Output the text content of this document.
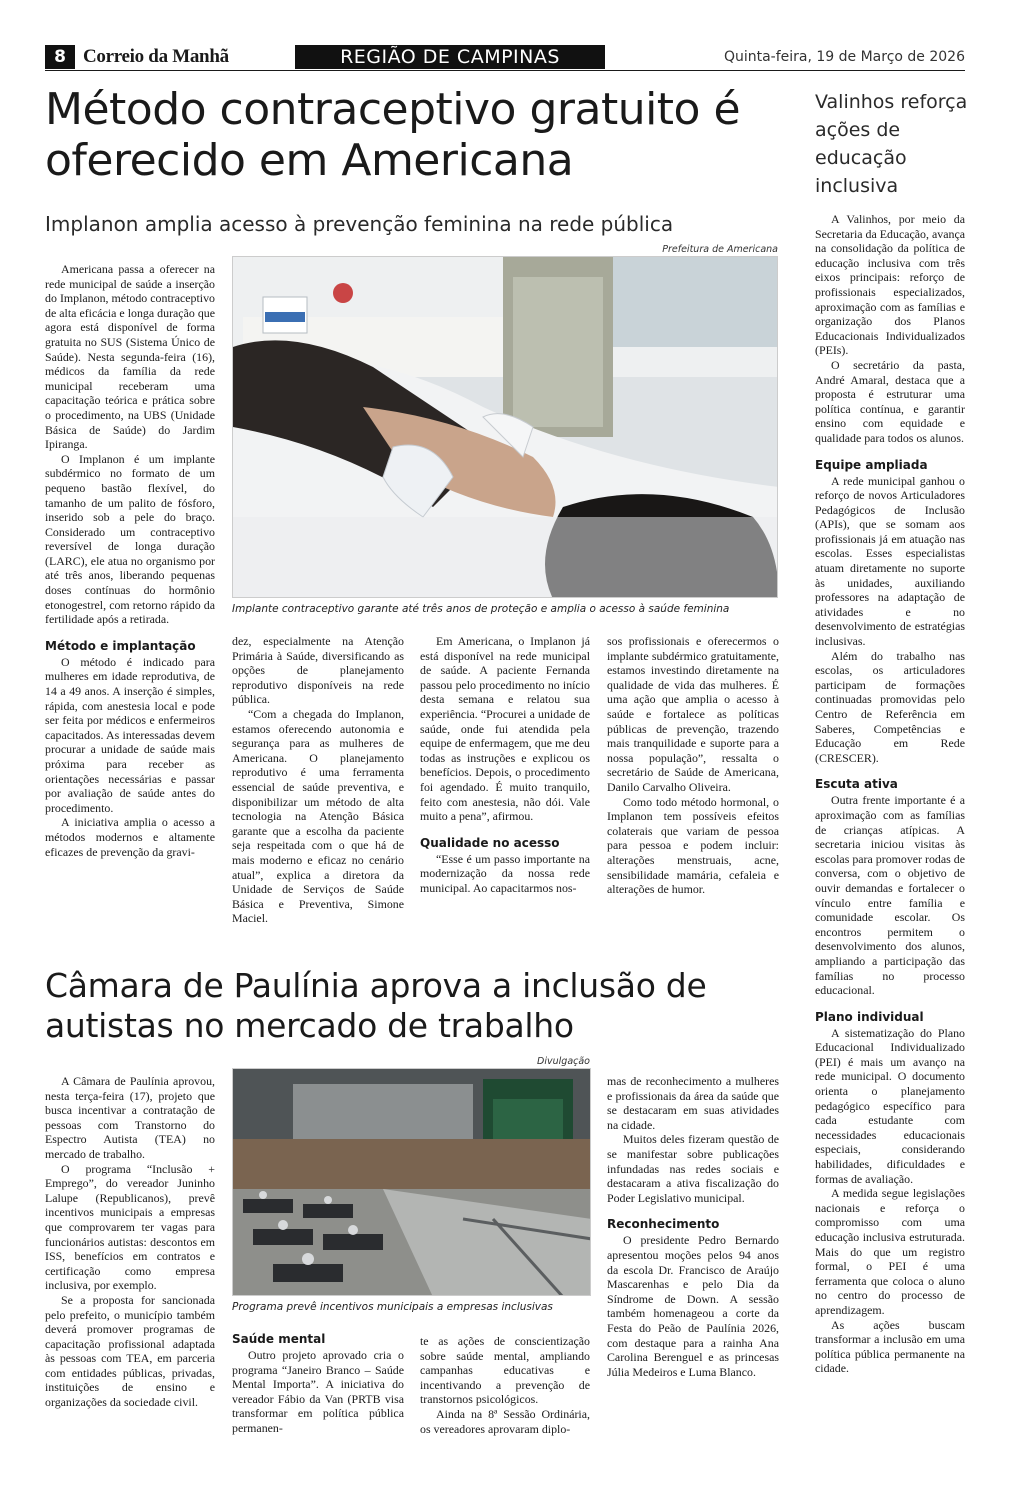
8 Correio da Manhã	REGIÃO DE CAMPINAS	Quinta-feira, 19 de Março de 2026
Método contraceptivo gratuito é oferecido em Americana
Implanon amplia acesso à prevenção feminina na rede pública
Prefeitura de Americana
Implante contraceptivo garante até três anos de proteção e amplia o acesso à saúde feminina

Americana passa a oferecer na rede municipal de saúde a inserção do Implanon, método contraceptivo de alta eficácia e longa duração que agora está disponível de forma gratuita no SUS (Sistema Único de Saúde). Nesta segunda-feira (16), médicos da família da rede municipal receberam uma capacitação teórica e prática sobre o procedimento, na UBS (Unidade Básica de Saúde) do Jardim Ipiranga.

O Implanon é um implante subdérmico no formato de um pequeno bastão flexível, do tamanho de um palito de fósforo, inserido sob a pele do braço. Considerado um contraceptivo reversível de longa duração (LARC), ele atua no organismo por até três anos, liberando pequenas doses contínuas do hormônio etonogestrel, com retorno rápido da fertilidade após a retirada.

Método e implantação

O método é indicado para mulheres em idade reprodutiva, de 14 a 49 anos. A inserção é simples, rápida, com anestesia local e pode ser feita por médicos e enfermeiros capacitados. As interessadas devem procurar a unidade de saúde mais próxima para receber as orientações necessárias e passar por avaliação de saúde antes do procedimento.

A iniciativa amplia o acesso a métodos modernos e altamente eficazes de prevenção da gravi-

dez, especialmente na Atenção Primária à Saúde, diversificando as opções de planejamento reprodutivo disponíveis na rede pública.

“Com a chegada do Implanon, estamos oferecendo autonomia e segurança para as mulheres de Americana. O planejamento reprodutivo é uma ferramenta essencial de saúde preventiva, e disponibilizar um método de alta tecnologia na Atenção Básica garante que a escolha da paciente seja respeitada com o que há de mais moderno e eficaz no cenário atual”, explica a diretora da Unidade de Serviços de Saúde Básica e Preventiva, Simone Maciel.

Em Americana, o Implanon já está disponível na rede municipal de saúde. A paciente Fernanda passou pelo procedimento no início desta semana e relatou sua experiência. “Procurei a unidade de saúde, onde fui atendida pela equipe de enfermagem, que me deu todas as instruções e explicou os benefícios. Depois, o procedimento foi agendado. É muito tranquilo, feito com anestesia, não dói. Vale muito a pena”, afirmou.

Qualidade no acesso

“Esse é um passo importante na modernização da nossa rede municipal. Ao capacitarmos nos-

sos profissionais e oferecermos o implante subdérmico gratuitamente, estamos investindo diretamente na qualidade de vida das mulheres. É uma ação que amplia o acesso à saúde e fortalece as políticas públicas de prevenção, trazendo mais tranquilidade e suporte para a nossa população”, ressalta o secretário de Saúde de Americana, Danilo Carvalho Oliveira.

Como todo método hormonal, o Implanon tem possíveis efeitos colaterais que variam de pessoa para pessoa e podem incluir: alterações menstruais, acne, sensibilidade mamária, cefaleia e alterações de humor.

Câmara de Paulínia aprova a inclusão de autistas no mercado de trabalho
Divulgação
Programa prevê incentivos municipais a empresas inclusivas

A Câmara de Paulínia aprovou, nesta terça-feira (17), projeto que busca incentivar a contratação de pessoas com Transtorno do Espectro Autista (TEA) no mercado de trabalho.

O programa “Inclusão + Emprego”, do vereador Juninho Lalupe (Republicanos), prevê incentivos municipais a empresas que comprovarem ter vagas para funcionários autistas: descontos em ISS, benefícios em contratos e certificação como empresa inclusiva, por exemplo.

Se a proposta for sancionada pelo prefeito, o município também deverá promover programas de capacitação profissional adaptada às pessoas com TEA, em parceria com entidades públicas, privadas, instituições de ensino e organizações da sociedade civil.

Saúde mental

Outro projeto aprovado cria o programa “Janeiro Branco – Saúde Mental Importa”. A iniciativa do vereador Fábio da Van (PRTB visa transformar em política pública permanen-

te as ações de conscientização sobre saúde mental, ampliando campanhas educativas e incentivando a prevenção de transtornos psicológicos.

Ainda na 8ª Sessão Ordinária, os vereadores aprovaram diplo-

mas de reconhecimento a mulheres e profissionais da área da saúde que se destacaram em suas atividades na cidade.

Muitos deles fizeram questão de se manifestar sobre publicações infundadas nas redes sociais e destacaram a ativa fiscalização do Poder Legislativo municipal.

Reconhecimento

O presidente Pedro Bernardo apresentou moções pelos 94 anos da escola Dr. Francisco de Araújo Mascarenhas e pelo Dia da Síndrome de Down. A sessão também homenageou a corte da Festa do Peão de Paulínia 2026, com destaque para a rainha Ana Carolina Berenguel e as princesas Júlia Medeiros e Luma Blanco.

Valinhos reforça ações de educação inclusiva

A Valinhos, por meio da Secretaria da Educação, avança na consolidação da política de educação inclusiva com três eixos principais: reforço de profissionais especializados, aproximação com as famílias e organização dos Planos Educacionais Individualizados (PEIs).

O secretário da pasta, André Amaral, destaca que a proposta é estruturar uma política contínua, e garantir ensino com equidade e qualidade para todos os alunos.

Equipe ampliada

A rede municipal ganhou o reforço de novos Articuladores Pedagógicos de Inclusão (APIs), que se somam aos profissionais já em atuação nas escolas. Esses especialistas atuam diretamente no suporte às unidades, auxiliando professores na adaptação de atividades e no desenvolvimento de estratégias inclusivas.

Além do trabalho nas escolas, os articuladores participam de formações continuadas promovidas pelo Centro de Referência em Saberes, Competências e Educação em Rede (CRESCER).

Escuta ativa

Outra frente importante é a aproximação com as famílias de crianças atípicas. A secretaria iniciou visitas às escolas para promover rodas de conversa, com o objetivo de ouvir demandas e fortalecer o vínculo entre família e comunidade escolar. Os encontros permitem o desenvolvimento dos alunos, ampliando a participação das famílias no processo educacional.

Plano individual

A sistematização do Plano Educacional Individualizado (PEI) é mais um avanço na rede municipal. O documento orienta o planejamento pedagógico específico para cada estudante com necessidades educacionais especiais, considerando habilidades, dificuldades e formas de avaliação.

A medida segue legislações nacionais e reforça o compromisso com uma educação inclusiva estruturada. Mais do que um registro formal, o PEI é uma ferramenta que coloca o aluno no centro do processo de aprendizagem.

As ações buscam transformar a inclusão em uma política pública permanente na cidade.
